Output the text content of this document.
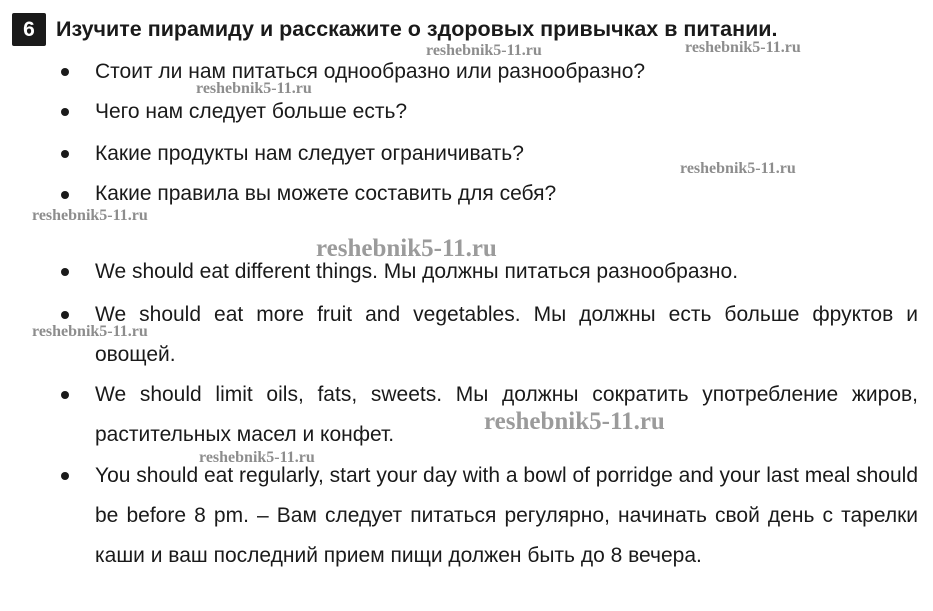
6 Изучите пирамиду и расскажите о здоровых привычках в питании.
Стоит ли нам питаться однообразно или разнообразно?
Чего нам следует больше есть?
Какие продукты нам следует ограничивать?
Какие правила вы можете составить для себя?
We should eat different things. Мы должны питаться разнообразно.
We should eat more fruit and vegetables. Мы должны есть больше фруктов и овощей.
We should limit oils, fats, sweets. Мы должны сократить употребление жиров, растительных масел и конфет.
You should eat regularly, start your day with a bowl of porridge and your last meal should be before 8 pm. – Вам следует питаться регулярно, начинать свой день с тарелки каши и ваш последний прием пищи должен быть до 8 вечера.
reshebnik5-11.ru	reshebnik5-11.ru
reshebnik5-11.ru
reshebnik5-11.ru
reshebnik5-11.ru
reshebnik5-11.ru
reshebnik5-11.ru
reshebnik5-11.ru
reshebnik5-11.ru
